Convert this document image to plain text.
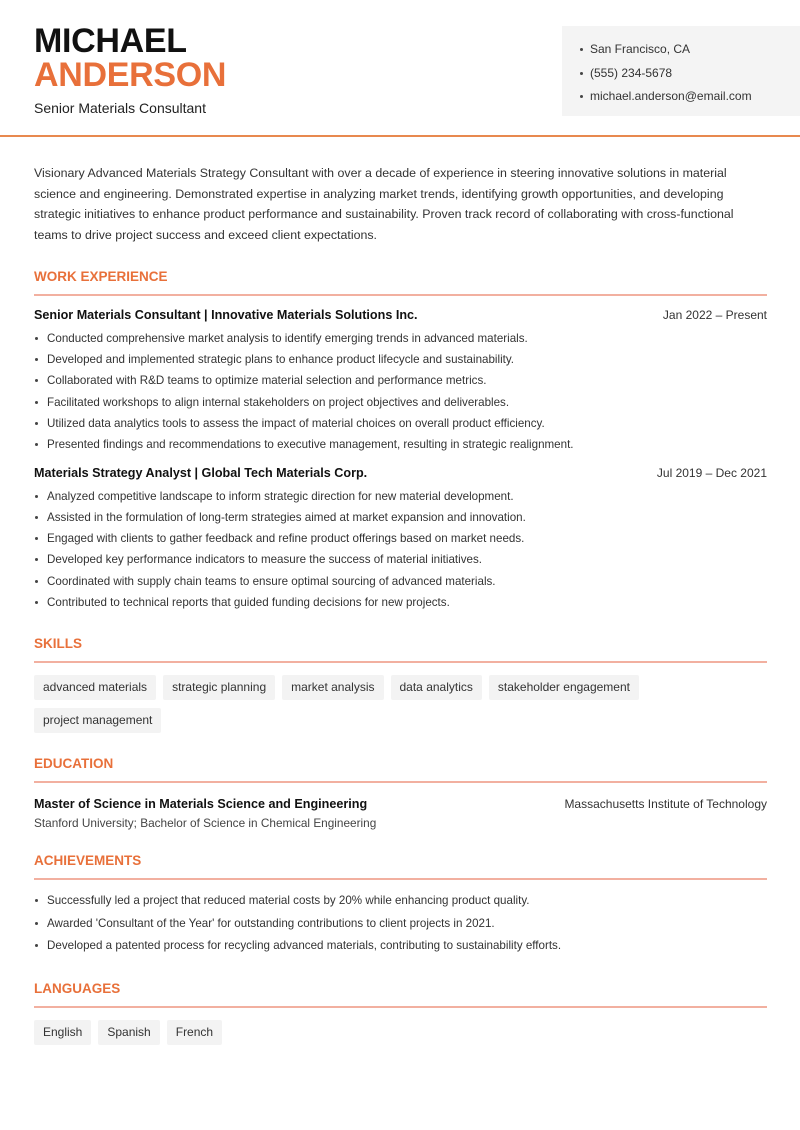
MICHAEL
ANDERSON
Senior Materials Consultant
San Francisco, CA
(555) 234-5678
michael.anderson@email.com

Visionary Advanced Materials Strategy Consultant with over a decade of experience in steering innovative solutions in material science and engineering. Demonstrated expertise in analyzing market trends, identifying growth opportunities, and developing strategic initiatives to enhance product performance and sustainability. Proven track record of collaborating with cross-functional teams to drive project success and exceed client expectations.

WORK EXPERIENCE
Senior Materials Consultant | Innovative Materials Solutions Inc.	Jan 2022 – Present
Conducted comprehensive market analysis to identify emerging trends in advanced materials.
Developed and implemented strategic plans to enhance product lifecycle and sustainability.
Collaborated with R&D teams to optimize material selection and performance metrics.
Facilitated workshops to align internal stakeholders on project objectives and deliverables.
Utilized data analytics tools to assess the impact of material choices on overall product efficiency.
Presented findings and recommendations to executive management, resulting in strategic realignment.
Materials Strategy Analyst | Global Tech Materials Corp.	Jul 2019 – Dec 2021
Analyzed competitive landscape to inform strategic direction for new material development.
Assisted in the formulation of long-term strategies aimed at market expansion and innovation.
Engaged with clients to gather feedback and refine product offerings based on market needs.
Developed key performance indicators to measure the success of material initiatives.
Coordinated with supply chain teams to ensure optimal sourcing of advanced materials.
Contributed to technical reports that guided funding decisions for new projects.
SKILLS
advanced materials	strategic planning	market analysis	data analytics	stakeholder engagement
project management
EDUCATION
Master of Science in Materials Science and Engineering	Massachusetts Institute of Technology
Stanford University; Bachelor of Science in Chemical Engineering
ACHIEVEMENTS
Successfully led a project that reduced material costs by 20% while enhancing product quality.
Awarded 'Consultant of the Year' for outstanding contributions to client projects in 2021.
Developed a patented process for recycling advanced materials, contributing to sustainability efforts.
LANGUAGES
English	Spanish	French
